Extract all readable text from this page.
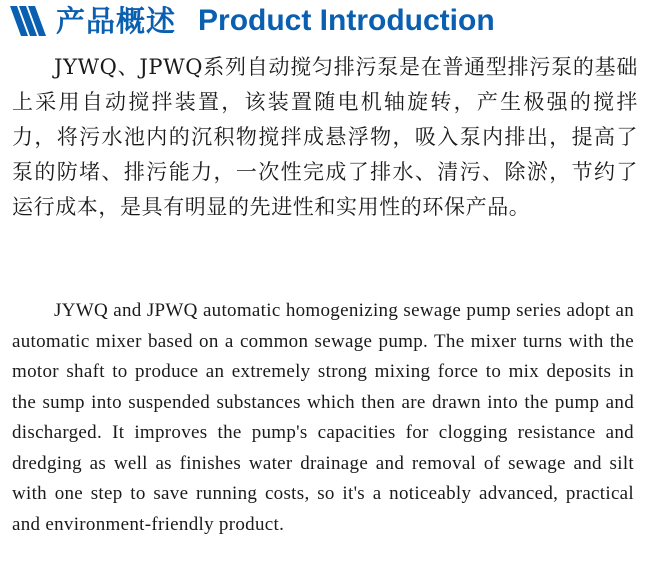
产品概述 Product Introduction

JYWQ、JPWQ系列自动搅匀排污泵是在普通型排污泵的基础上采用自动搅拌装置，该装置随电机轴旋转，产生极强的搅拌力，将污水池内的沉积物搅拌成悬浮物，吸入泵内排出，提高了泵的防堵、排污能力，一次性完成了排水、清污、除淤，节约了运行成本，是具有明显的先进性和实用性的环保产品。

JYWQ and JPWQ automatic homogenizing sewage pump series adopt an automatic mixer based on a common sewage pump. The mixer turns with the motor shaft to produce an extremely strong mixing force to mix deposits in the sump into suspended substances which then are drawn into the pump and discharged. It improves the pump's capacities for clogging resistance and dredging as well as finishes water drainage and removal of sewage and silt with one step to save running costs, so it's a noticeably advanced, practical and environment-friendly product.
